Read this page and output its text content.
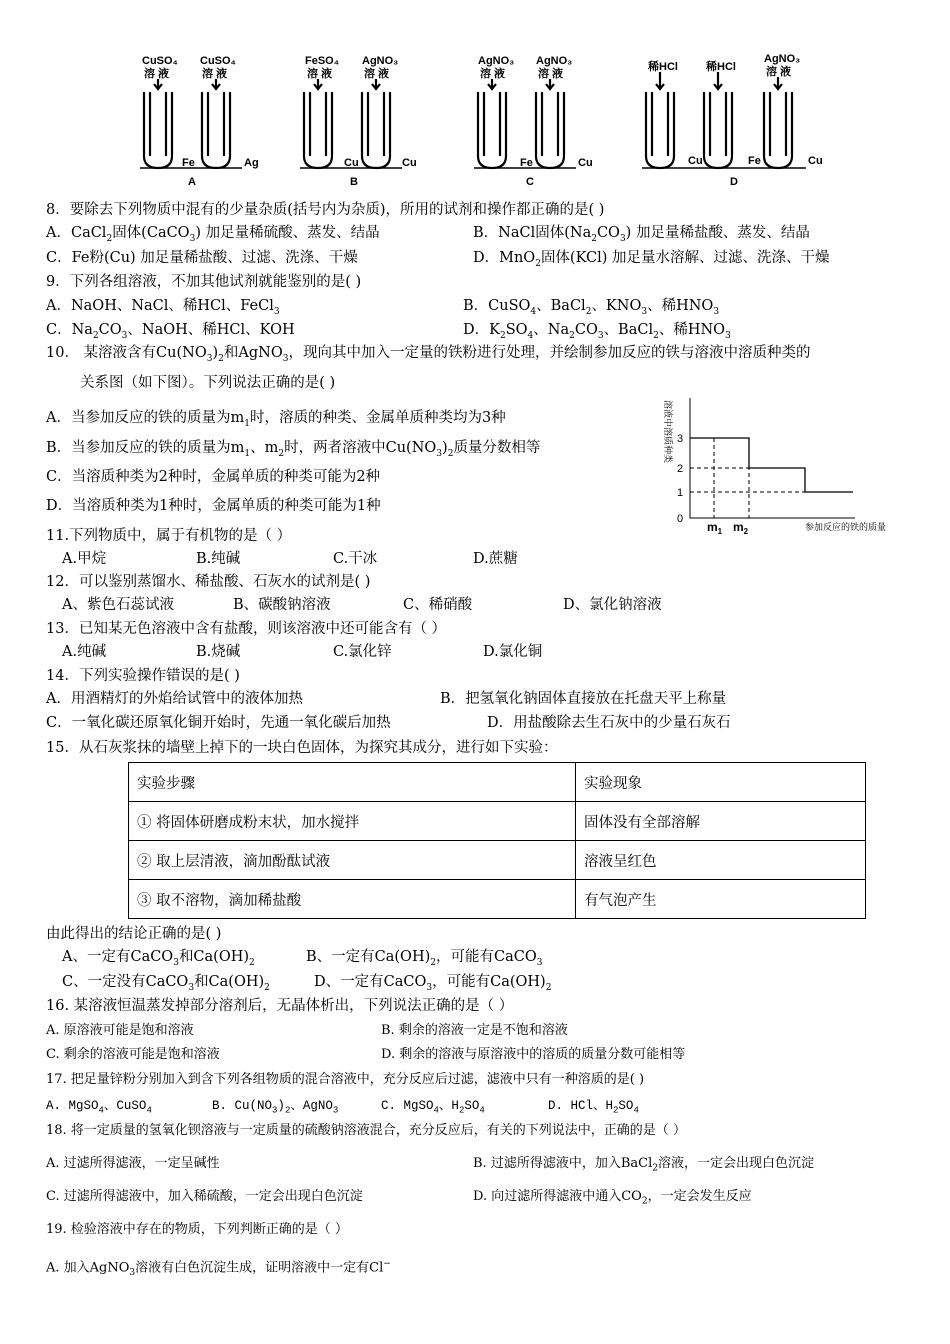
CuSO₄
溶 液
CuSO₄
溶 液
Fe	Ag
A
FeSO₄
溶 液
AgNO₃
溶 液
Cu	Cu
B
AgNO₃
溶 液
AgNO₃
溶 液
Fe	Cu
C
稀HCl	稀HCl
AgNO₃
溶 液
Cu	Fe	Cu
D
8．要除去下列物质中混有的少量杂质(括号内为杂质)，所用的试剂和操作都正确的是( )
A．CaCl$_2$固体(CaCO$_3$) 加足量稀硫酸、蒸发、结晶	B．NaCl固体$(Na_2CO_3)$ 加足量稀盐酸、蒸发、结晶
C．Fe粉(Cu) 加足量稀盐酸、过滤、洗涤、干燥	D．MnO$_2$固体(KCl) 加足量水溶解、过滤、洗涤、干燥
9．下列各组溶液，不加其他试剂就能鉴别的是( )
A．NaOH、NaCl、稀HCl、FeCl$_3$	B．CuSO$_4$、BaCl$_2$、$KNO_3$、稀$HNO_3$
C．$Na_2CO_3$、NaOH、稀HCl、KOH	D．$K_2SO_4$、$Na_2CO_3$、BaCl$_2$、稀$HNO_3$
10． 某溶液含有$Cu(NO_3)_2$和AgNO$_3$，现向其中加入一定量的铁粉进行处理，并绘制参加反应的铁与溶液中溶质种类的
关系图（如下图）。下列说法正确的是( )
A．当参加反应的铁的质量为$m_1$时，溶质的种类、金属单质种类均为3种
B．当参加反应的铁的质量为$m_1$、$m_2$时，两者溶液中$Cu(NO_3)_2$质量分数相等
C．当溶质种类为2种时，金属单质的种类可能为2种
D．当溶质种类为1种时，金属单质的种类可能为1种
溶液中溶质种类 3
2
1
0
$m_1$ $m_2$	参加反应的铁的质量
11.下列物质中，属于有机物的是（ ）
A.甲烷	B.纯碱	C.干冰	D.蔗糖
12．可以鉴别蒸馏水、稀盐酸、石灰水的试剂是( )
A、紫色石蕊试液	B、碳酸钠溶液	C、稀硝酸	D、氯化钠溶液
13．已知某无色溶液中含有盐酸，则该溶液中还可能含有（ ）
A.纯碱	B.烧碱	C.氯化锌	D.氯化铜
14．下列实验操作错误的是( )
A．用酒精灯的外焰给试管中的液体加热	B．把氢氧化钠固体直接放在托盘天平上称量
C．一氧化碳还原氧化铜开始时，先通一氧化碳后加热	D．用盐酸除去生石灰中的少量石灰石
15．从石灰浆抹的墙壁上掉下的一块白色固体，为探究其成分，进行如下实验：
实验步骤	实验现象
① 将固体研磨成粉末状，加水搅拌	固体没有全部溶解
② 取上层清液，滴加酚酞试液	溶液呈红色
③ 取不溶物，滴加稀盐酸	有气泡产生
由此得出的结论正确的是( )
A、一定有CaCO$_3$和$Ca(OH)_2$	B、一定有$Ca(OH)_2$，可能有CaCO$_3$
C、一定没有CaCO$_3$和$Ca(OH)_2$	D、一定有CaCO$_3$，可能有$Ca(OH)_2$
16. 某溶液恒温蒸发掉部分溶剂后，无晶体析出，下列说法正确的是（ ）
A. 原溶液可能是饱和溶液	B. 剩余的溶液一定是不饱和溶液
C. 剩余的溶液可能是饱和溶液	D. 剩余的溶液与原溶液中的溶质的质量分数可能相等
17. 把足量锌粉分别加入到含下列各组物质的混合溶液中，充分反应后过滤，滤液中只有一种溶质的是( )
A. MgSO$_4$、CuSO$_4$	B. $Cu(NO_3)_2$、AgNO$_3$	C. MgSO$_4$、$H_2SO_4$	D. HCl、$H_2SO_4$
18. 将一定质量的氢氧化钡溶液与一定质量的硫酸钠溶液混合，充分反应后，有关的下列说法中，正确的是（ ）
A. 过滤所得滤液，一定呈碱性	B. 过滤所得滤液中，加入BaCl$_2$溶液，一定会出现白色沉淀
C. 过滤所得滤液中，加入稀硫酸，一定会出现白色沉淀	D. 向过滤所得滤液中通入$CO_2$，一定会发生反应
19. 检验溶液中存在的物质，下列判断正确的是（ ）
A. 加入AgNO$_3$溶液有白色沉淀生成，证明溶液中一定有Cl−
